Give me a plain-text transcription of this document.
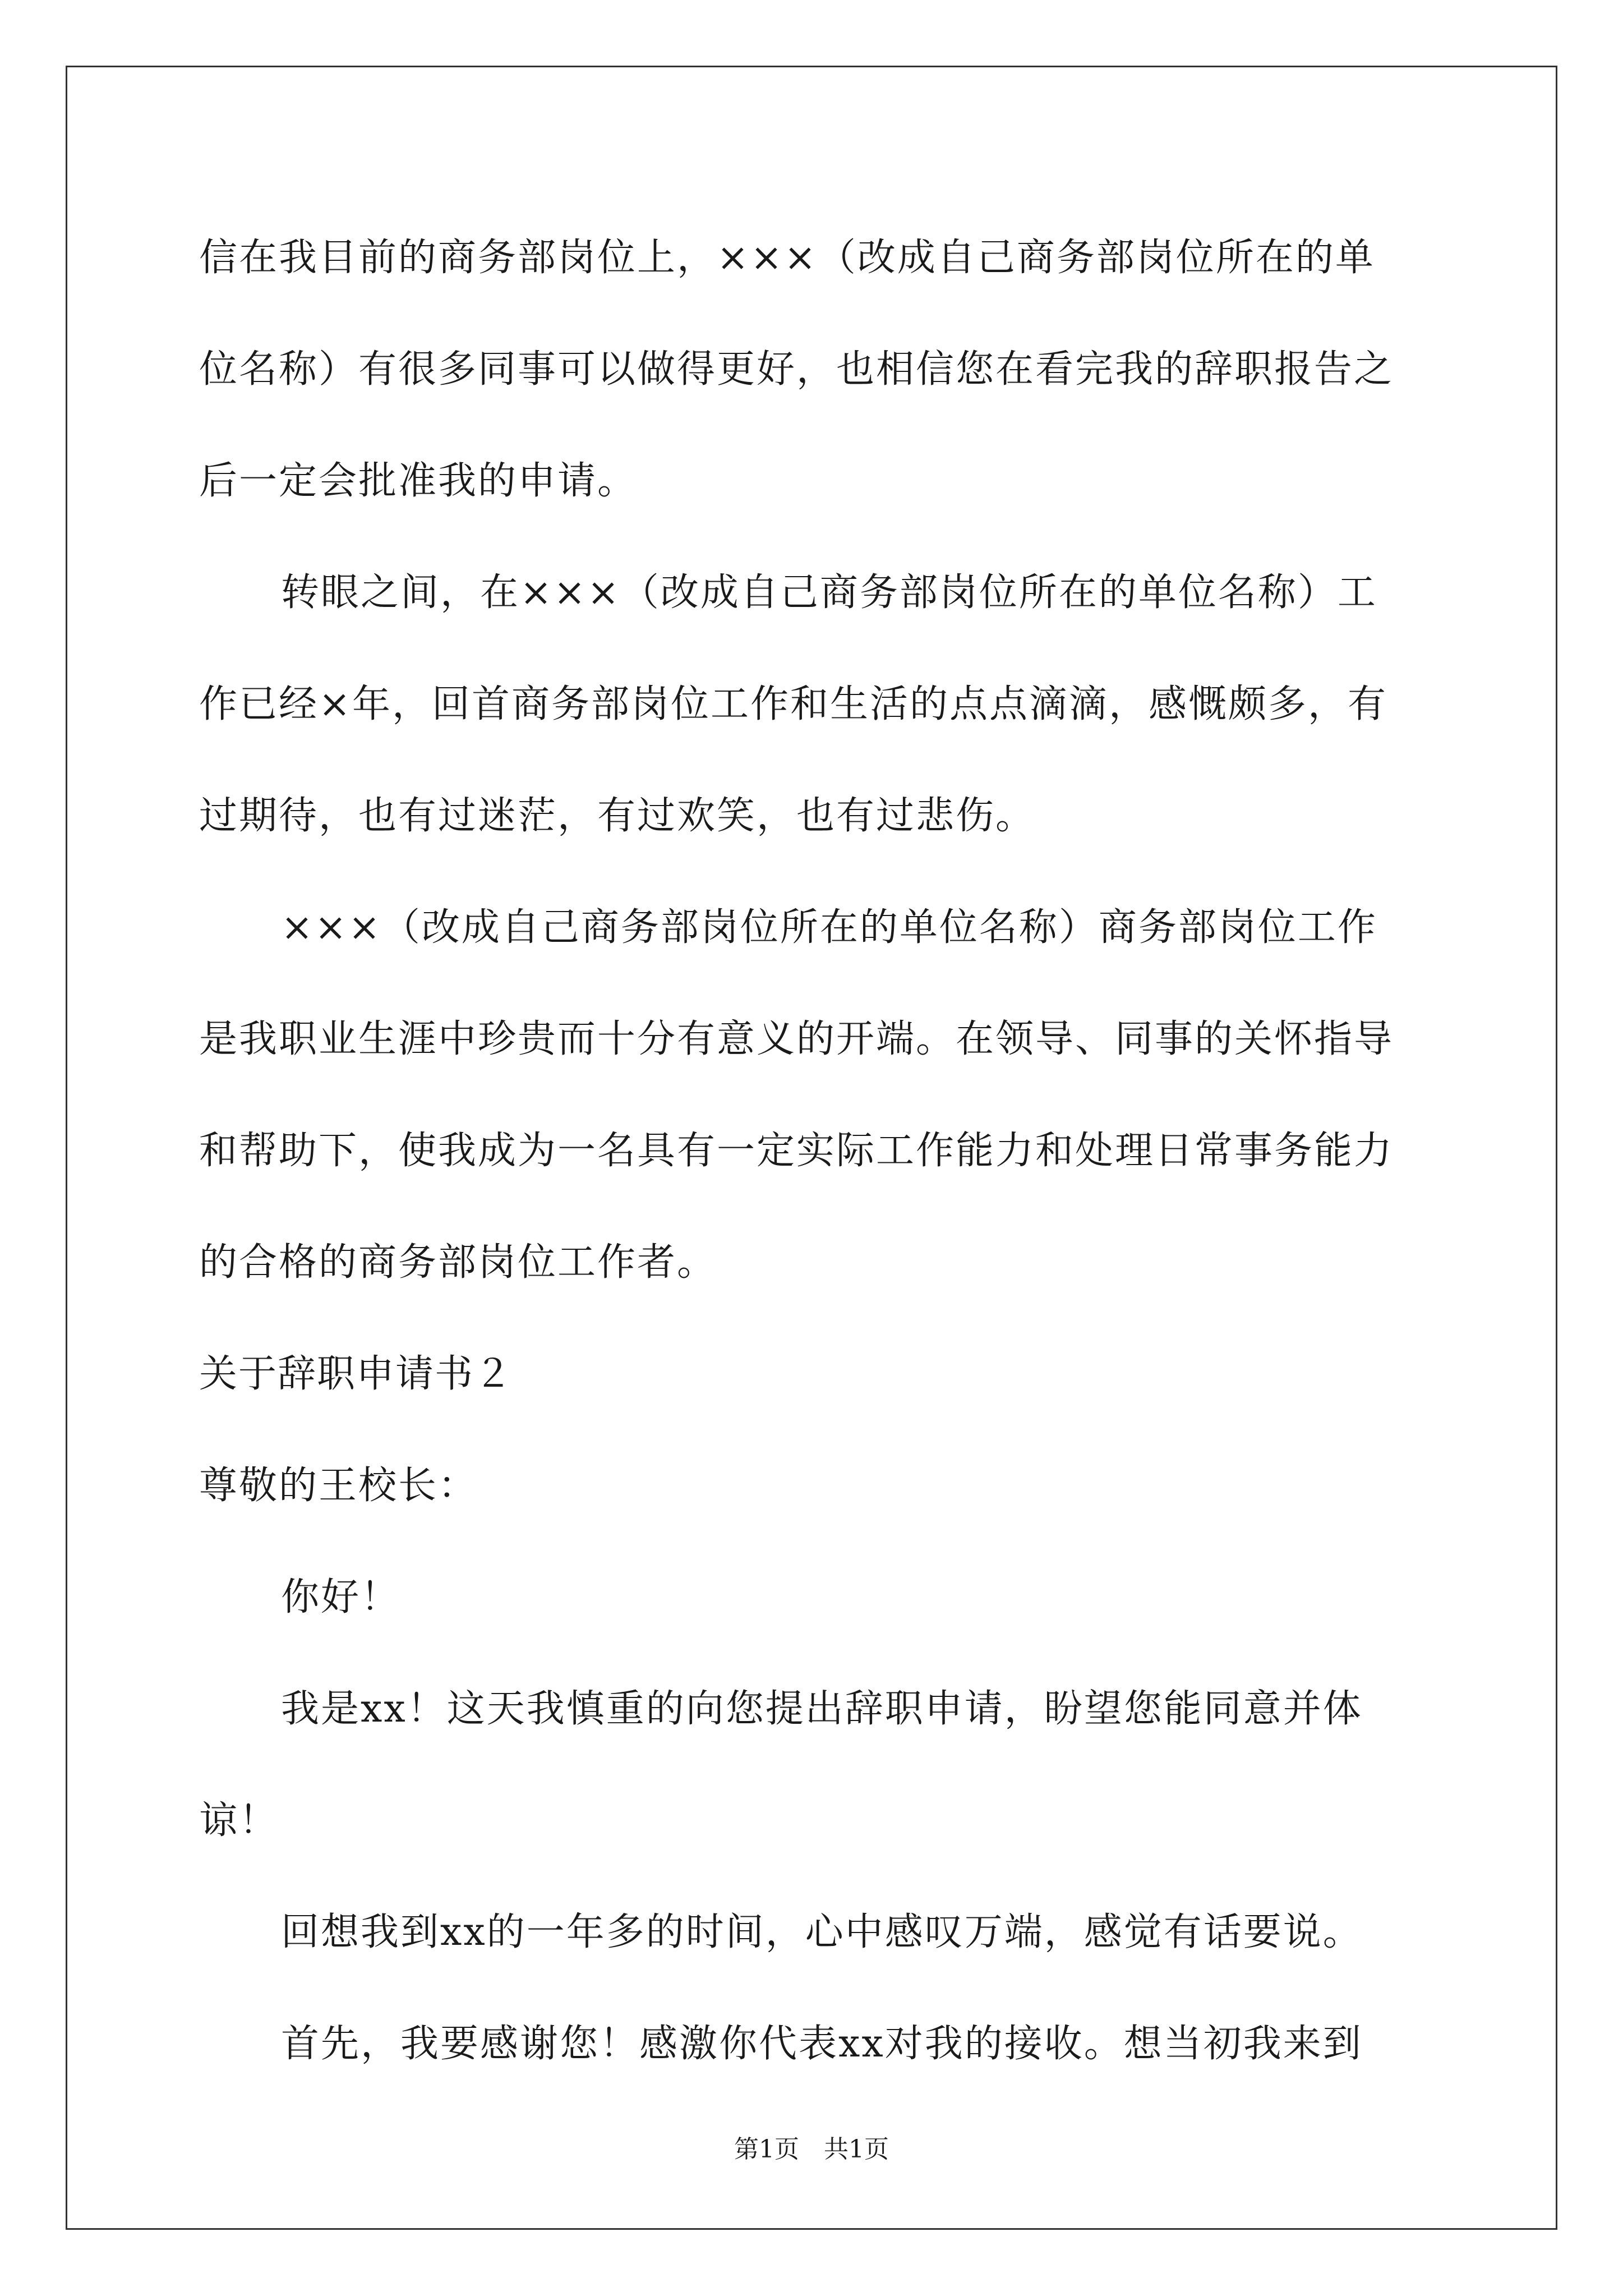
信在我目前的商务部岗位上，×××（改成自己商务部岗位所在的单
位名称）有很多同事可以做得更好，也相信您在看完我的辞职报告之
后一定会批准我的申请。
转眼之间，在×××（改成自己商务部岗位所在的单位名称）工
作已经×年，回首商务部岗位工作和生活的点点滴滴，感慨颇多，有
过期待，也有过迷茫，有过欢笑，也有过悲伤。
×××（改成自己商务部岗位所在的单位名称）商务部岗位工作
是我职业生涯中珍贵而十分有意义的开端。在领导、同事的关怀指导
和帮助下，使我成为一名具有一定实际工作能力和处理日常事务能力
的合格的商务部岗位工作者。
关于辞职申请书２
尊敬的王校长：
你好！
我是xx！这天我慎重的向您提出辞职申请，盼望您能同意并体
谅！
回想我到xx的一年多的时间，心中感叹万端，感觉有话要说。
首先，我要感谢您！感激你代表xx对我的接收。想当初我来到
第1页　共1页
